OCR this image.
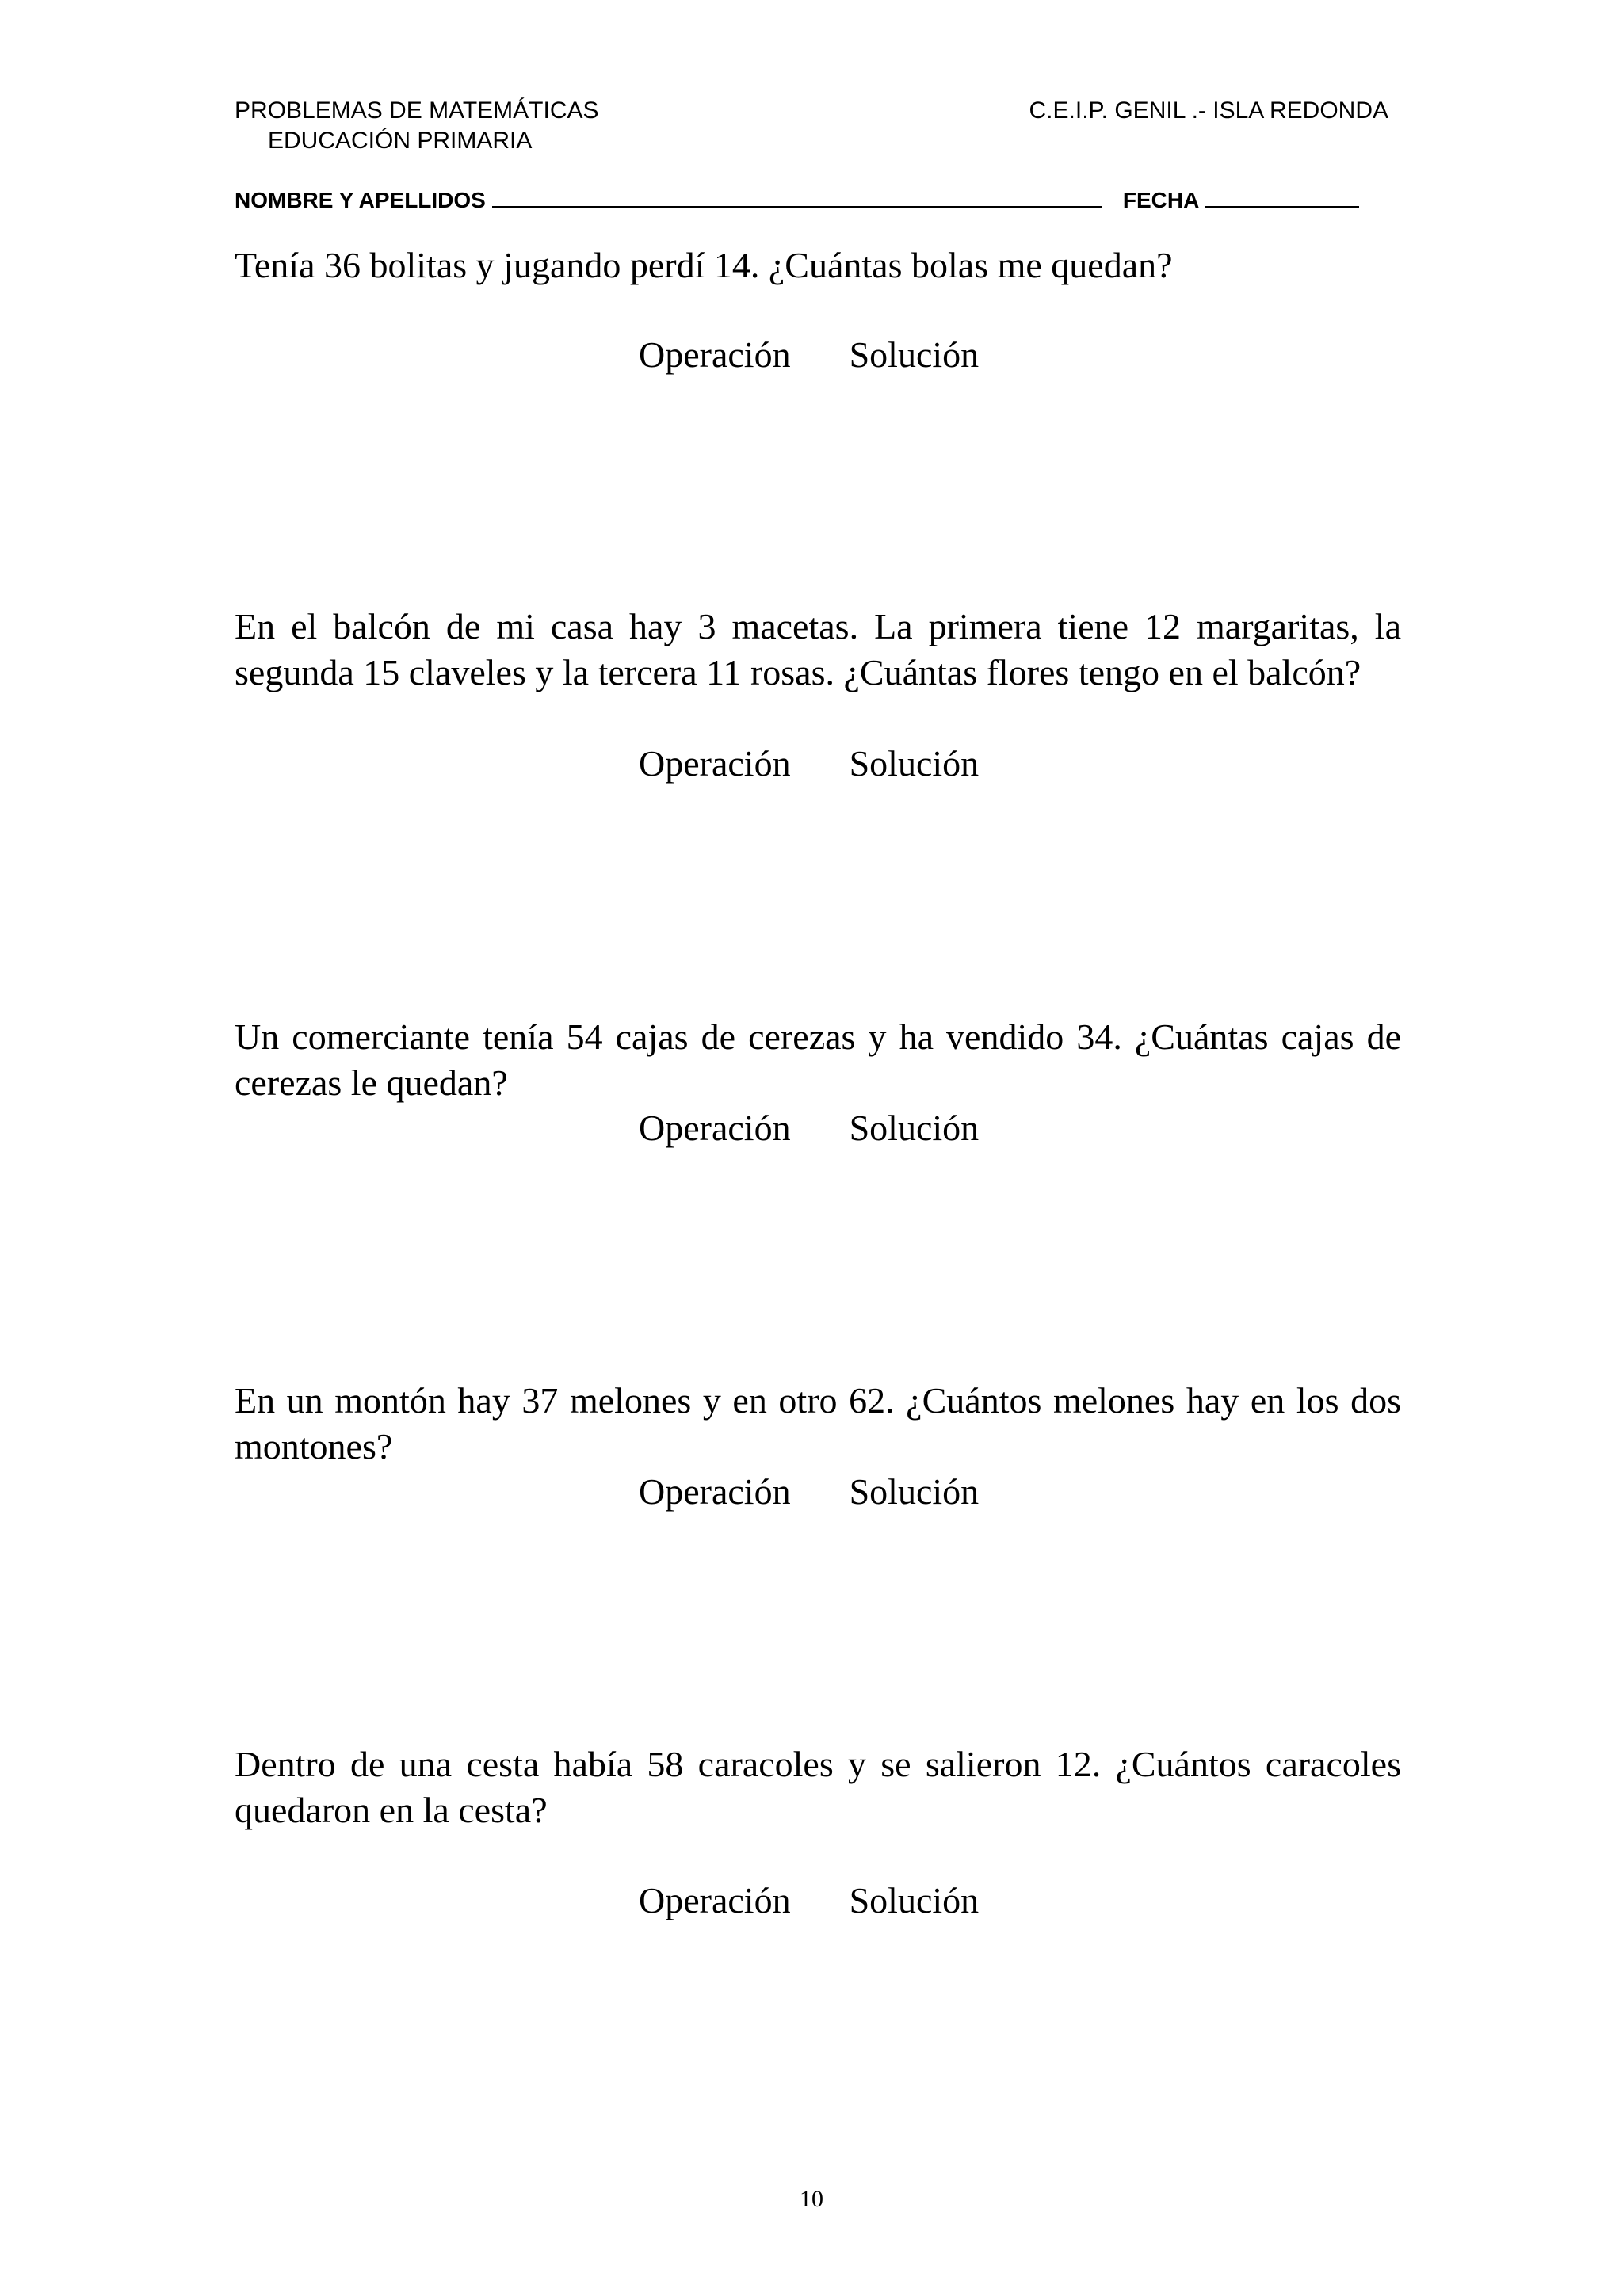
PROBLEMAS DE MATEMÁTICAS
EDUCACIÓN PRIMARIA
C.E.I.P. GENIL .- ISLA REDONDA
NOMBRE Y APELLIDOS	FECHA
Tenía 36 bolitas y jugando perdí 14. ¿Cuántas bolas me quedan?
Operación Solución
En el balcón de mi casa hay 3 macetas. La primera tiene 12 margaritas, la segunda 15 claveles y la tercera 11 rosas. ¿Cuántas flores tengo en el balcón?
Operación Solución
Un comerciante tenía 54 cajas de cerezas y ha vendido 34. ¿Cuántas cajas de cerezas le quedan?
Operación Solución
En un montón hay 37 melones y en otro 62. ¿Cuántos melones hay en los dos montones?
Operación Solución
Dentro de una cesta había 58 caracoles y se salieron 12. ¿Cuántos caracoles quedaron en la cesta?
Operación Solución
10
